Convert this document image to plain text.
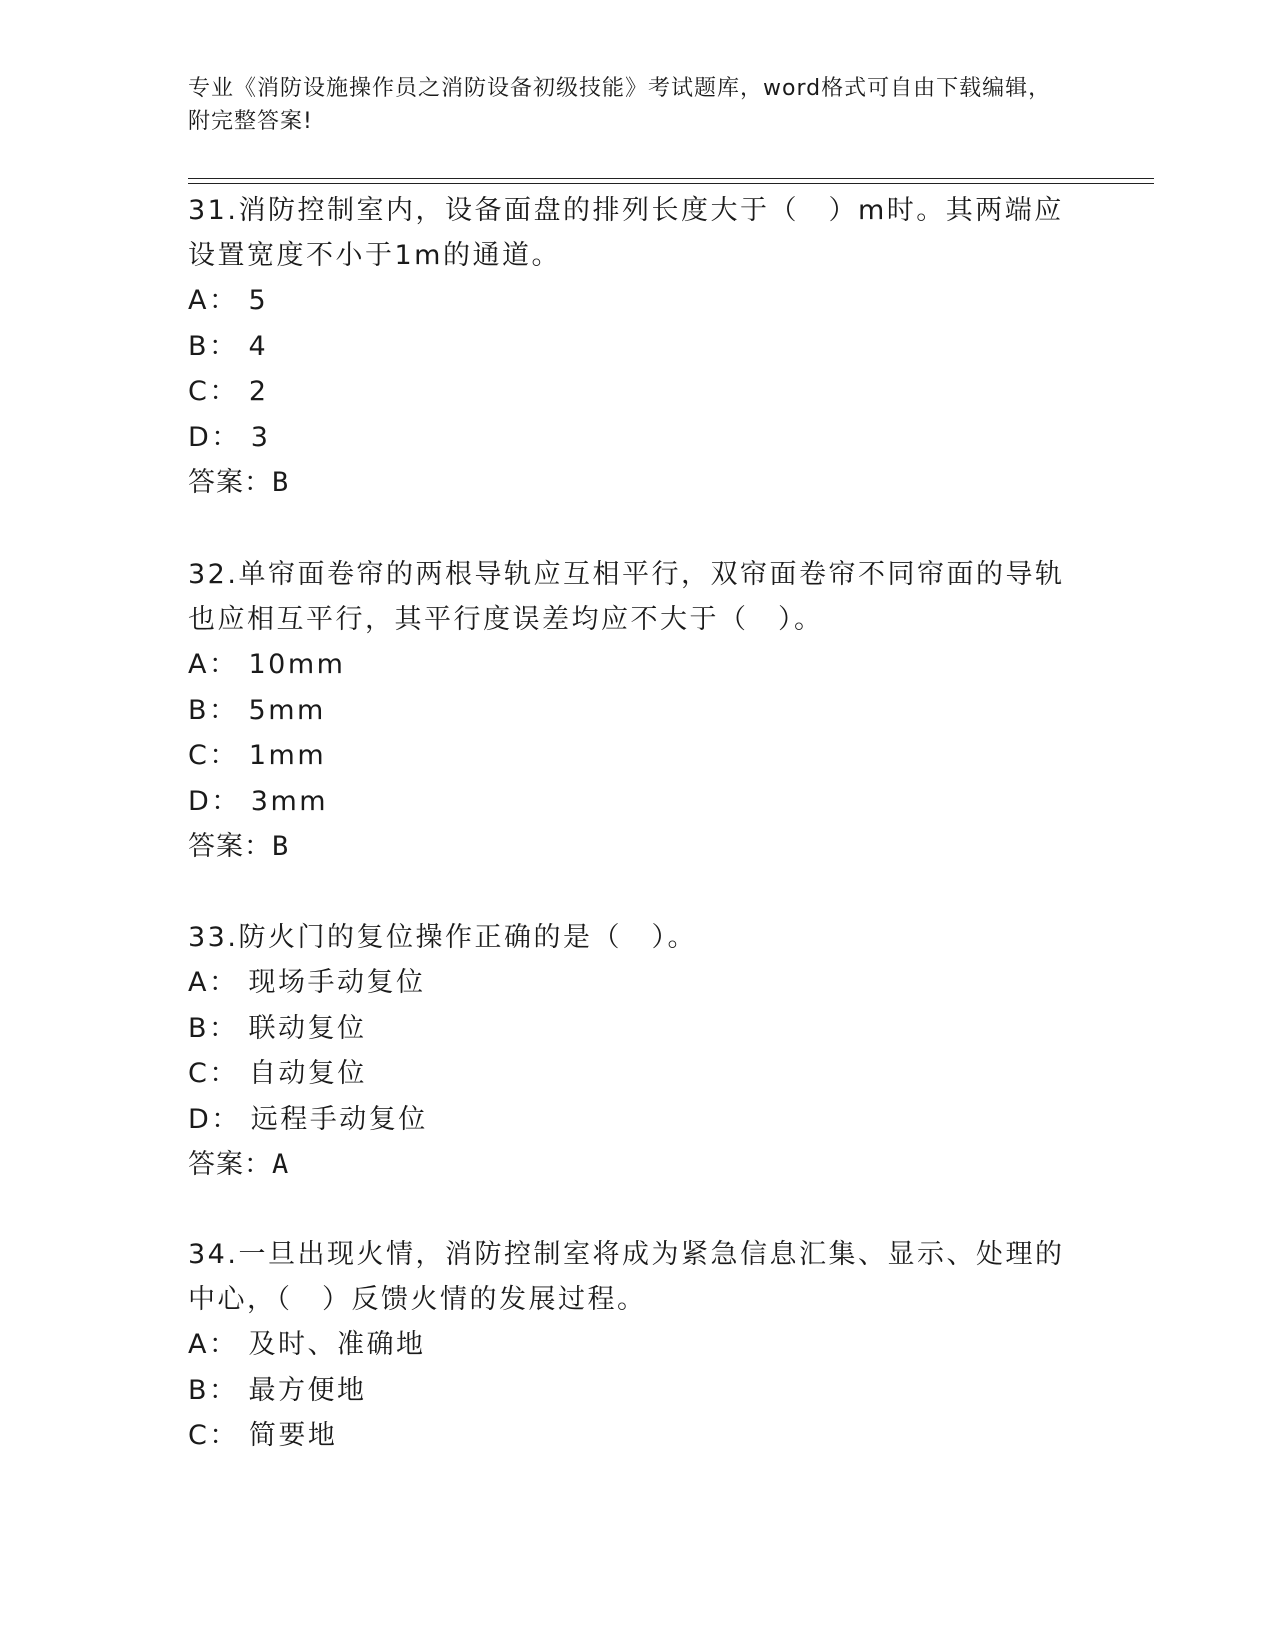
专业《消防设施操作员之消防设备初级技能》考试题库，word格式可自由下载编辑，附完整答案!

31.消防控制室内，设备面盘的排列长度大于（　）m时。其两端应设置宽度不小于1m的通道。

A： 5

B： 4

C： 2

D： 3

答案：B

32.单帘面卷帘的两根导轨应互相平行，双帘面卷帘不同帘面的导轨也应相互平行，其平行度误差均应不大于（　）。

A： 10mm

B： 5mm

C： 1mm

D： 3mm

答案：B

33.防火门的复位操作正确的是（　）。

A： 现场手动复位

B： 联动复位

C： 自动复位

D： 远程手动复位

答案：A

34.一旦出现火情，消防控制室将成为紧急信息汇集、显示、处理的中心，（　）反馈火情的发展过程。

A： 及时、准确地

B： 最方便地

C： 简要地
